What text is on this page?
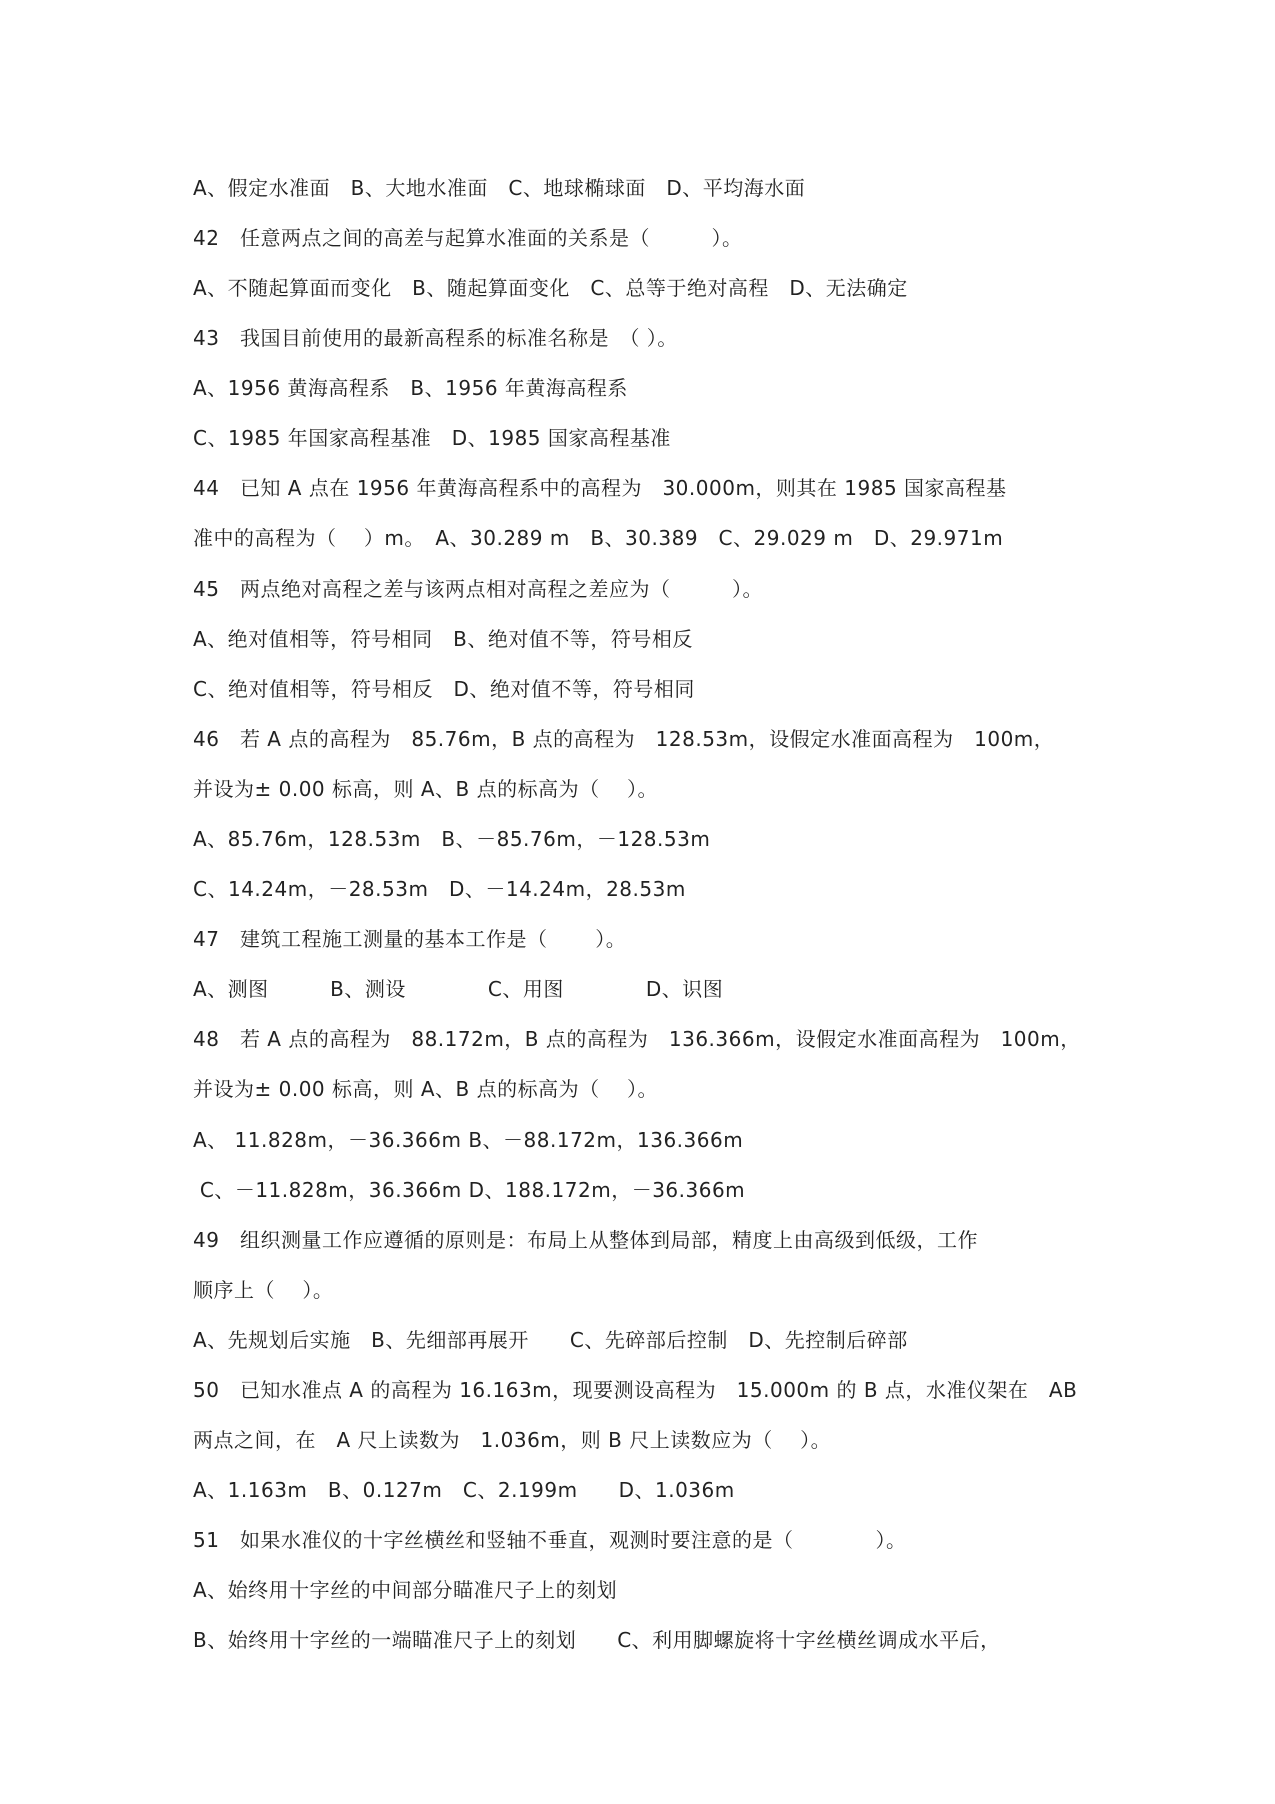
A、假定水准面　B、大地水准面　C、地球椭球面　D、平均海水面
42　任意两点之间的高差与起算水准面的关系是（　　　）。
A、不随起算面而变化　B、随起算面变化　C、总等于绝对高程　D、无法确定
43　我国目前使用的最新高程系的标准名称是　（ ）。
A、1956 黄海高程系　B、1956 年黄海高程系
C、1985 年国家高程基准　D、1985 国家高程基准
44　已知 A 点在 1956 年黄海高程系中的高程为　30.000m，则其在 1985 国家高程基
准中的高程为（　 ）m。　A、30.289 m　B、30.389　C、29.029 m　D、29.971m
45　两点绝对高程之差与该两点相对高程之差应为（　　　）。
A、绝对值相等，符号相同　B、绝对值不等，符号相反
C、绝对值相等，符号相反　D、绝对值不等，符号相同
46　若 A 点的高程为　85.76m，B 点的高程为　128.53m，设假定水准面高程为　100m，
并设为± 0.00 标高，则 A、B 点的标高为（　 ）。
A、85.76m，128.53m　B、－85.76m，－128.53m
C、14.24m，－28.53m　D、－14.24m，28.53m
47　建筑工程施工测量的基本工作是（　　 ）。
A、测图　　　B、测设　　　　C、用图　　　　D、识图
48　若 A 点的高程为　88.172m，B 点的高程为　136.366m，设假定水准面高程为　100m，
并设为± 0.00 标高，则 A、B 点的标高为（　 ）。
A、 11.828m，－36.366m B、－88.172m，136.366m
C、－11.828m，36.366m D、188.172m，－36.366m
49　组织测量工作应遵循的原则是：布局上从整体到局部，精度上由高级到低级，工作
顺序上（　 ）。
A、先规划后实施　B、先细部再展开　　C、先碎部后控制　D、先控制后碎部
50　已知水准点 A 的高程为 16.163m，现要测设高程为　15.000m 的 B 点，水准仪架在　AB
两点之间，在　A 尺上读数为　1.036m，则 B 尺上读数应为（　 ）。
A、1.163m　B、0.127m　C、2.199m　　D、1.036m
51　如果水准仪的十字丝横丝和竖轴不垂直，观测时要注意的是（　　　　）。
A、始终用十字丝的中间部分瞄准尺子上的刻划
B、始终用十字丝的一端瞄准尺子上的刻划　　C、利用脚螺旋将十字丝横丝调成水平后，
